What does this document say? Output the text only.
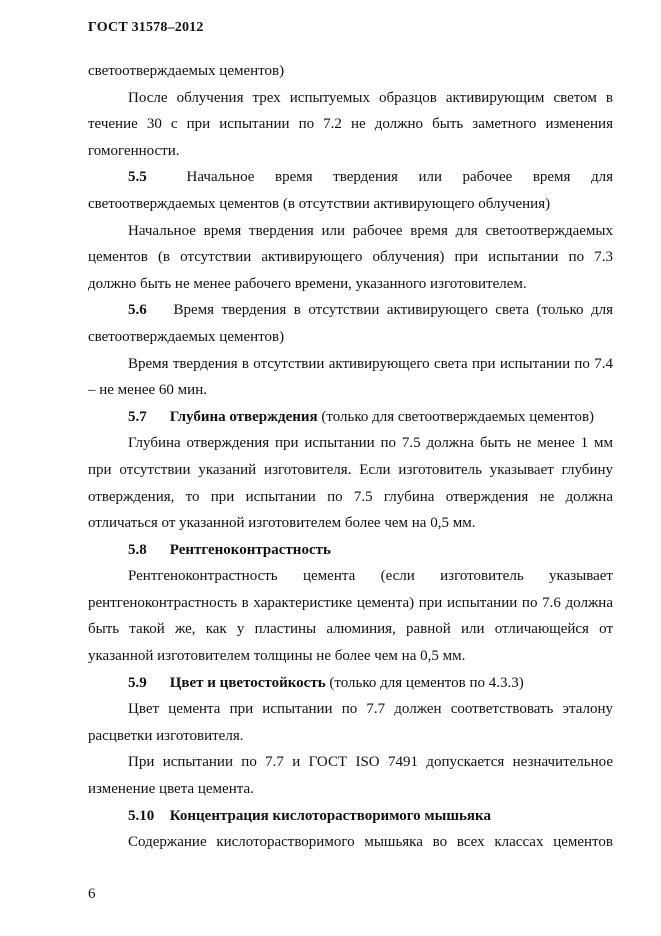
ГОСТ 31578–2012

светоотверждаемых цементов)

После облучения трех испытуемых образцов активирующим светом в течение 30 с при испытании по 7.2 не должно быть заметного изменения гомогенности.

5.5	Начальное время твердения или рабочее время для светоотверждаемых цементов (в отсутствии активирующего облучения)

Начальное время твердения или рабочее время для светоотверждаемых цементов (в отсутствии активирующего облучения) при испытании по 7.3 должно быть не менее рабочего времени, указанного изготовителем.

5.6 Время твердения в отсутствии активирующего света (только для светоотверждаемых цементов)

Время твердения в отсутствии активирующего света при испытании по 7.4 – не менее 60 мин.

5.7 Глубина отверждения (только для светоотверждаемых цементов)

Глубина отверждения при испытании по 7.5 должна быть не менее 1 мм при отсутствии указаний изготовителя. Если изготовитель указывает глубину отверждения, то при испытании по 7.5 глубина отверждения не должна отличаться от указанной изготовителем более чем на 0,5 мм.

5.8 Рентгеноконтрастность

Рентгеноконтрастность цемента (если изготовитель указывает рентгеноконтрастность в характеристике цемента) при испытании по 7.6 должна быть такой же, как у пластины алюминия, равной или отличающейся от указанной изготовителем толщины не более чем на 0,5 мм.

5.9 Цвет и цветостойкость (только для цементов по 4.3.3)

Цвет цемента при испытании по 7.7 должен соответствовать эталону расцветки изготовителя.

При испытании по 7.7 и ГОСТ ISO 7491 допускается незначительное изменение цвета цемента.

5.10 Концентрация кислоторастворимого мышьяка

Содержание кислоторастворимого мышьяка во всех классах цементов

6
